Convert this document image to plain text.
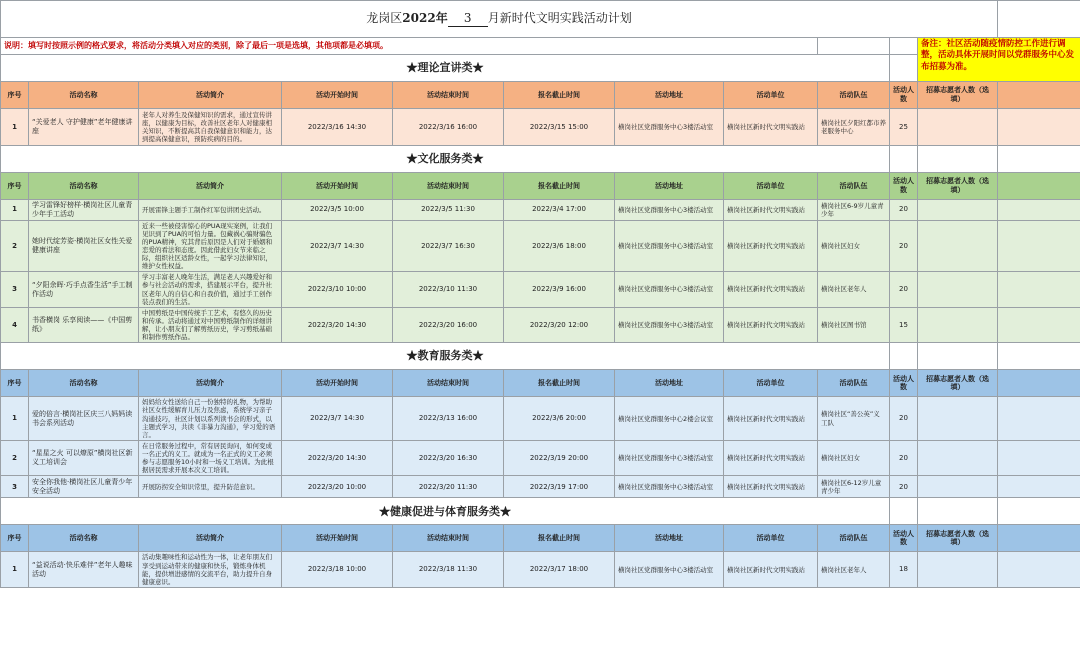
龙岗区2022年 3 月新时代文明实践活动计划											
说明：填写时按照示例的格式要求，将活动分类填入对应的类别，除了最后一项是选填，其他项都是必填项。										备注：社区活动随疫情防控工作进行调整，活动具体开展时间以党群服务中心发布招募为准。	
★理论宣讲类★											
序号	活动名称	活动简介	活动开始时间	活动结束时间	报名截止时间	活动地址	活动单位	活动队伍	活动人数	招募志愿者人数（选填）	
1	“关爱老人 守护健康”老年健康讲座	老年人对养生及保健知识的需求，通过宣传讲座，以健康为目标，改善社区老年人对健康相关知识，不断提高其自我保健意识和能力，达到提高保健意识，预防疾病的目的。	2022/3/16 14:30	2022/3/16 16:00	2022/3/15 15:00	横岗社区党群服务中心3楼活动室	横岗社区新时代文明实践站	横岗社区夕阳红都市养老服务中心	25		
★文化服务类★											
序号	活动名称	活动简介	活动开始时间	活动结束时间	报名截止时间	活动地址	活动单位	活动队伍	活动人数	招募志愿者人数（选填）	
1	学习雷锋好榜样·横岗社区儿童青少年手工活动	开展雷锋主题手工制作红军包讲团史活动。	2022/3/5 10:00	2022/3/5 11:30	2022/3/4 17:00	横岗社区党群服务中心3楼活动室	横岗社区新时代文明实践站	横岗社区6-9岁儿童青少年	20		
2	她时代绽芳姿·横岗社区女性关爱健康讲座	近来一些被侵害惊心的PUA现实案例，让我们见识到了PUA的可怕力量。包藏祸心骗财骗色的PUA精神，究其背后原因是人们对于婚姻和恋爱的看法和态度。因此借此妇女节来临之际，组织社区适龄女性，一起学习法律知识，维护女性权益。	2022/3/7 14:30	2022/3/7 16:30	2022/3/6 18:00	横岗社区党群服务中心3楼活动室	横岗社区新时代文明实践站	横岗社区妇女	20		
3	“夕阳余晖·巧手点香生活”手工制作活动	学习丰富老人晚年生活，满足老人兴趣爱好和参与社会活动的需求，搭建展示平台，提升社区老年人的自信心和自我价值，通过手工创作装点我们的生活。	2022/3/10 10:00	2022/3/10 11:30	2022/3/9 16:00	横岗社区党群服务中心3楼活动室	横岗社区新时代文明实践站	横岗社区老年人	20		
4	书香横岗 乐享阅读——《中国剪纸》	中国剪纸是中国传统手工艺术，有悠久的历史和传承。活动将通过对中国剪纸制作的详细讲解，让小朋友们了解剪纸历史，学习剪纸基础和制作剪纸作品。	2022/3/20 14:30	2022/3/20 16:00	2022/3/20 12:00	横岗社区党群服务中心3楼活动室	横岗社区新时代文明实践站	横岗社区图书馆	15		
★教育服务类★											
序号	活动名称	活动简介	活动开始时间	活动结束时间	报名截止时间	活动地址	活动单位	活动队伍	活动人数	招募志愿者人数（选填）	
1	爱的倍言·横岗社区庆三八妈妈读书会系列活动	妈妈给女性送给自己一份独特的礼物，为帮助社区女性缓解育儿压力及焦虑，系统学习亲子沟通技巧，社区计划以系列读书会的形式，以主题式学习，共读《非暴力沟通》，学习爱的语言。	2022/3/7 14:30	2022/3/13 16:00	2022/3/6 20:00	横岗社区党群服务中心2楼会议室	横岗社区新时代文明实践站	横岗社区“善公英”义工队	20		
2	“星星之火 可以燎原”横岗社区新义工培训会	在日常服务过程中，常有居民询问，如何变成一名正式的义工。就成为一名正式的义工必须参与志愿服务10小时和一场义工培训。为此根据居民需求开展本次义工培训。	2022/3/20 14:30	2022/3/20 16:30	2022/3/19 20:00	横岗社区党群服务中心3楼活动室	横岗社区新时代文明实践站	横岗社区妇女	20		
3	安全你我他·横岗社区儿童青少年安全活动	开展防拐安全知识常里，提升防范意识。	2022/3/20 10:00	2022/3/20 11:30	2022/3/19 17:00	横岗社区党群服务中心3楼活动室	横岗社区新时代文明实践站	横岗社区6-12岁儿童青少年	20		
★健康促进与体育服务类★											
序号	活动名称	活动简介	活动开始时间	活动结束时间	报名截止时间	活动地址	活动单位	活动队伍	活动人数	招募志愿者人数（选填）	
1	“益说活动·快乐难伴”老年人趣味活动	活动集趣味性和运动性为一体，让老年朋友们享受到运动带来的健康和快乐，锻炼身体机能，提供增进感情的交流平台，助力提升自身健康意识。	2022/3/18 10:00	2022/3/18 11:30	2022/3/17 18:00	横岗社区党群服务中心3楼活动室	横岗社区新时代文明实践站	横岗社区老年人	18		
